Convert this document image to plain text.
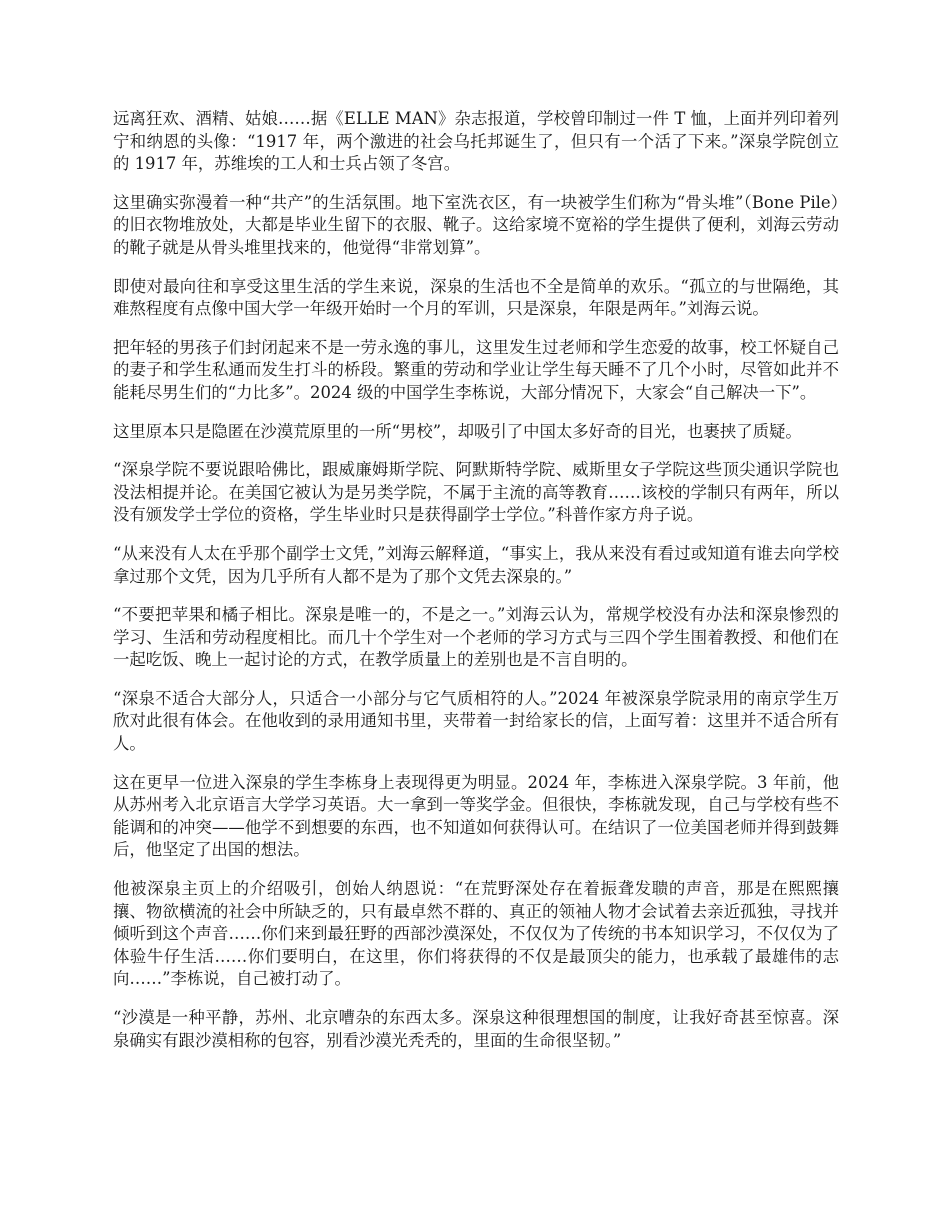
远离狂欢、酒精、姑娘……据《ELLE MAN》杂志报道，学校曾印制过一件 T 恤，上面并列印着列宁和纳恩的头像：“1917 年，两个激进的社会乌托邦诞生了，但只有一个活了下来。”深泉学院创立的 1917 年，苏维埃的工人和士兵占领了冬宫。

这里确实弥漫着一种“共产”的生活氛围。地下室洗衣区，有一块被学生们称为“骨头堆”（Bone Pile）的旧衣物堆放处，大都是毕业生留下的衣服、靴子。这给家境不宽裕的学生提供了便利，刘海云劳动的靴子就是从骨头堆里找来的，他觉得“非常划算”。

即使对最向往和享受这里生活的学生来说，深泉的生活也不全是简单的欢乐。“孤立的与世隔绝，其难熬程度有点像中国大学一年级开始时一个月的军训，只是深泉，年限是两年。”刘海云说。

把年轻的男孩子们封闭起来不是一劳永逸的事儿，这里发生过老师和学生恋爱的故事，校工怀疑自己的妻子和学生私通而发生打斗的桥段。繁重的劳动和学业让学生每天睡不了几个小时，尽管如此并不能耗尽男生们的“力比多”。2024 级的中国学生李栋说，大部分情况下，大家会“自己解决一下”。

这里原本只是隐匿在沙漠荒原里的一所“男校”，却吸引了中国太多好奇的目光，也裹挟了质疑。

“深泉学院不要说跟哈佛比，跟威廉姆斯学院、阿默斯特学院、威斯里女子学院这些顶尖通识学院也没法相提并论。在美国它被认为是另类学院，不属于主流的高等教育……该校的学制只有两年，所以没有颁发学士学位的资格，学生毕业时只是获得副学士学位。”科普作家方舟子说。

“从来没有人太在乎那个副学士文凭，”刘海云解释道，“事实上，我从来没有看过或知道有谁去向学校拿过那个文凭，因为几乎所有人都不是为了那个文凭去深泉的。”

“不要把苹果和橘子相比。深泉是唯一的，不是之一。”刘海云认为，常规学校没有办法和深泉惨烈的学习、生活和劳动程度相比。而几十个学生对一个老师的学习方式与三四个学生围着教授、和他们在一起吃饭、晚上一起讨论的方式，在教学质量上的差别也是不言自明的。

“深泉不适合大部分人，只适合一小部分与它气质相符的人。”2024 年被深泉学院录用的南京学生万欣对此很有体会。在他收到的录用通知书里，夹带着一封给家长的信，上面写着：这里并不适合所有人。

这在更早一位进入深泉的学生李栋身上表现得更为明显。2024 年，李栋进入深泉学院。3 年前，他从苏州考入北京语言大学学习英语。大一拿到一等奖学金。但很快，李栋就发现，自己与学校有些不能调和的冲突——他学不到想要的东西，也不知道如何获得认可。在结识了一位美国老师并得到鼓舞后，他坚定了出国的想法。

他被深泉主页上的介绍吸引，创始人纳恩说：“在荒野深处存在着振聋发聩的声音，那是在熙熙攘攘、物欲横流的社会中所缺乏的，只有最卓然不群的、真正的领袖人物才会试着去亲近孤独，寻找并倾听到这个声音……你们来到最狂野的西部沙漠深处，不仅仅为了传统的书本知识学习，不仅仅为了体验牛仔生活……你们要明白，在这里，你们将获得的不仅是最顶尖的能力，也承载了最雄伟的志向……”李栋说，自己被打动了。

“沙漠是一种平静，苏州、北京嘈杂的东西太多。深泉这种很理想国的制度，让我好奇甚至惊喜。深泉确实有跟沙漠相称的包容，别看沙漠光秃秃的，里面的生命很坚韧。”
